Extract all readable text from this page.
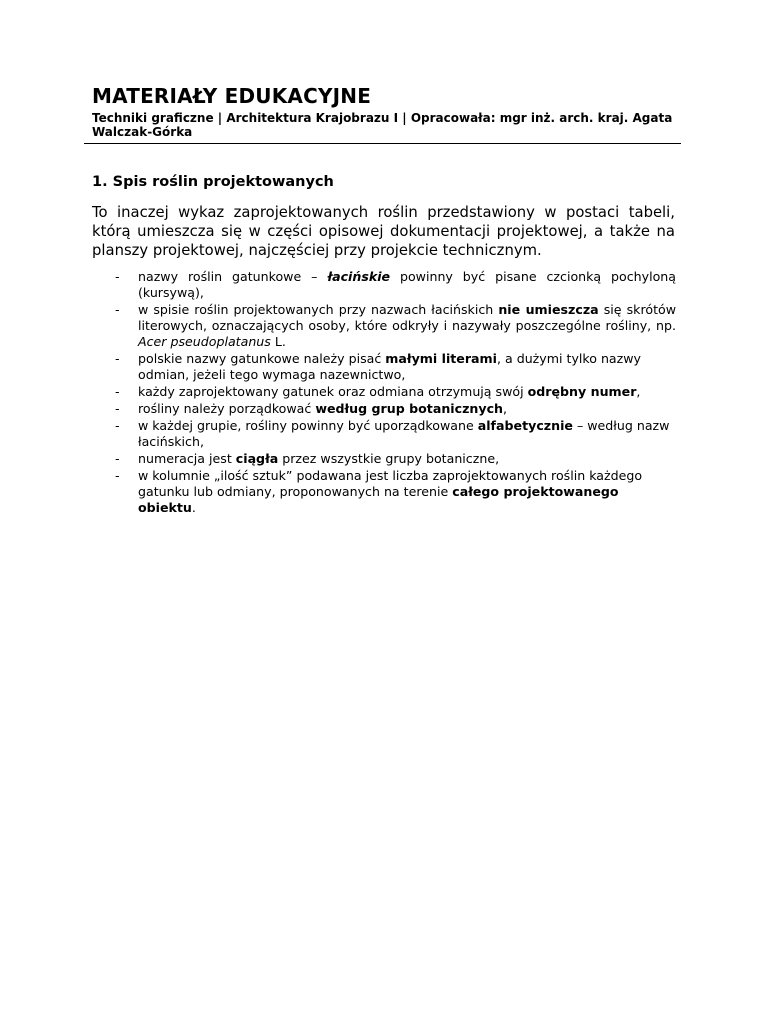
MATERIAŁY EDUKACYJNE

Techniki graficzne | Architektura Krajobrazu I | Opracowała: mgr inż. arch. kraj. Agata Walczak-Górka

1. Spis roślin projektowanych

To inaczej wykaz zaprojektowanych roślin przedstawiony w postaci tabeli, którą umieszcza się w części opisowej dokumentacji projektowej, a także na planszy projektowej, najczęściej przy projekcie technicznym.

- nazwy roślin gatunkowe – łacińskie powinny być pisane czcionką pochyloną (kursywą),
- w spisie roślin projektowanych przy nazwach łacińskich nie umieszcza się skrótów literowych, oznaczających osoby, które odkryły i nazywały poszczególne rośliny, np. Acer pseudoplatanus L.
- polskie nazwy gatunkowe należy pisać małymi literami, a dużymi tylko nazwy odmian, jeżeli tego wymaga nazewnictwo,
- każdy zaprojektowany gatunek oraz odmiana otrzymują swój odrębny numer,
- rośliny należy porządkować według grup botanicznych,
- w każdej grupie, rośliny powinny być uporządkowane alfabetycznie – według nazw łacińskich,
- numeracja jest ciągła przez wszystkie grupy botaniczne,
- w kolumnie „ilość sztuk” podawana jest liczba zaprojektowanych roślin każdego gatunku lub odmiany, proponowanych na terenie całego projektowanego obiektu.
